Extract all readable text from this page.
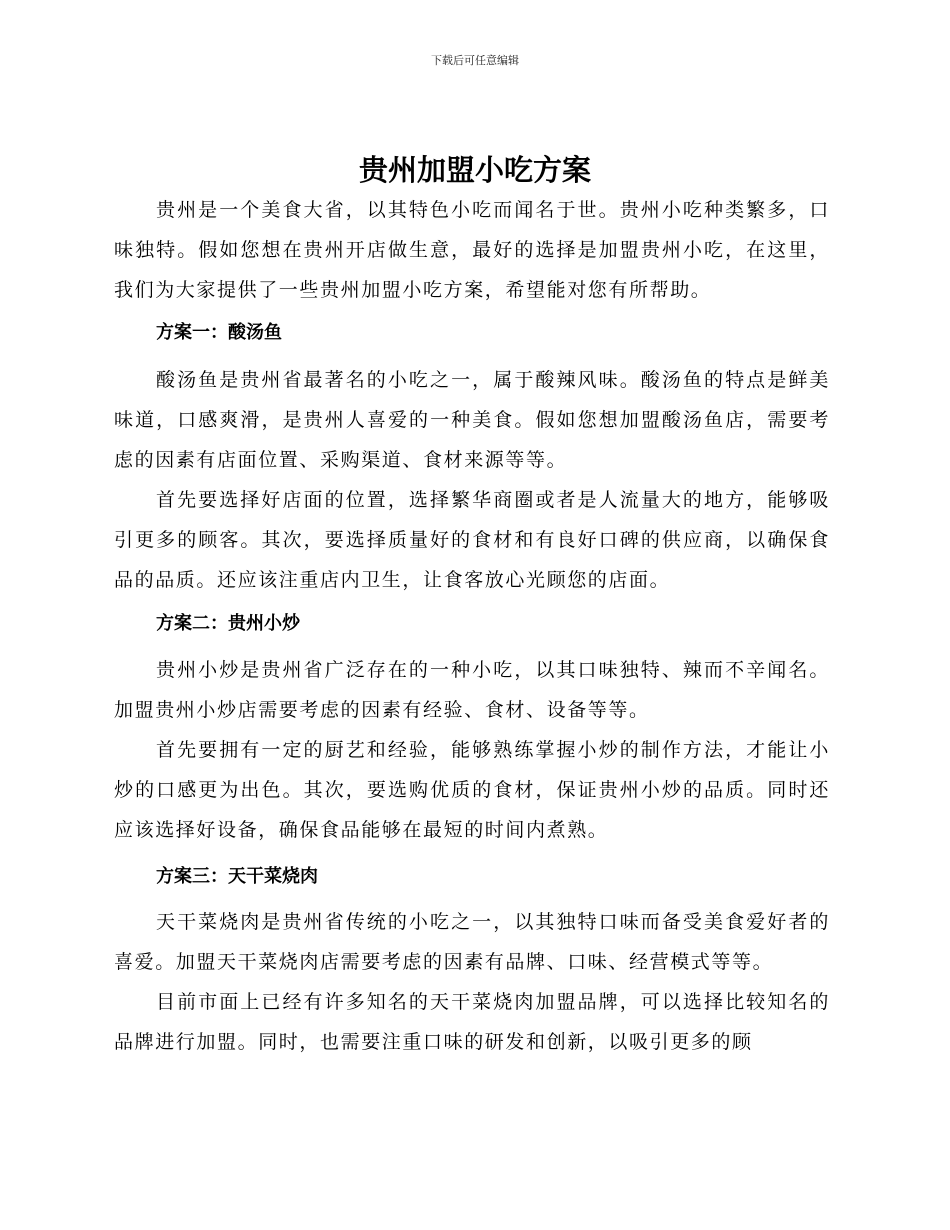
下载后可任意编辑
贵州加盟小吃方案

贵州是一个美食大省，以其特色小吃而闻名于世。贵州小吃种类繁多，口味独特。假如您想在贵州开店做生意，最好的选择是加盟贵州小吃，在这里，我们为大家提供了一些贵州加盟小吃方案，希望能对您有所帮助。

方案一：酸汤鱼

酸汤鱼是贵州省最著名的小吃之一，属于酸辣风味。酸汤鱼的特点是鲜美味道，口感爽滑，是贵州人喜爱的一种美食。假如您想加盟酸汤鱼店，需要考虑的因素有店面位置、采购渠道、食材来源等等。

首先要选择好店面的位置，选择繁华商圈或者是人流量大的地方，能够吸引更多的顾客。其次，要选择质量好的食材和有良好口碑的供应商，以确保食品的品质。还应该注重店内卫生，让食客放心光顾您的店面。

方案二：贵州小炒

贵州小炒是贵州省广泛存在的一种小吃，以其口味独特、辣而不辛闻名。加盟贵州小炒店需要考虑的因素有经验、食材、设备等等。

首先要拥有一定的厨艺和经验，能够熟练掌握小炒的制作方法，才能让小炒的口感更为出色。其次，要选购优质的食材，保证贵州小炒的品质。同时还应该选择好设备，确保食品能够在最短的时间内煮熟。

方案三：天干菜烧肉

天干菜烧肉是贵州省传统的小吃之一，以其独特口味而备受美食爱好者的喜爱。加盟天干菜烧肉店需要考虑的因素有品牌、口味、经营模式等等。

目前市面上已经有许多知名的天干菜烧肉加盟品牌，可以选择比较知名的品牌进行加盟。同时，也需要注重口味的研发和创新，以吸引更多的顾
